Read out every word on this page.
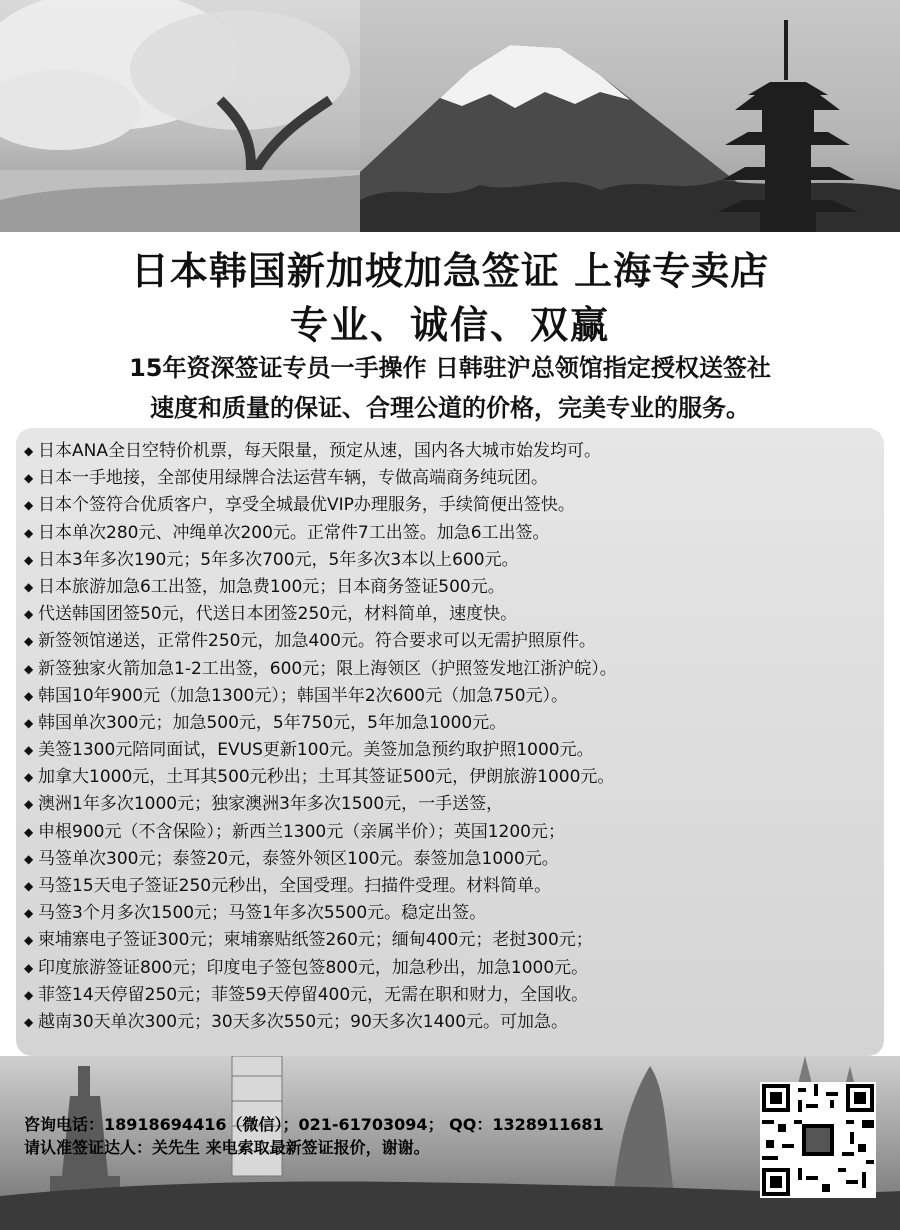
日本韩国新加坡加急签证 上海专卖店
专业、诚信、双赢
15年资深签证专员一手操作 日韩驻沪总领馆指定授权送签社
速度和质量的保证、合理公道的价格，完美专业的服务。
◆ 日本ANA全日空特价机票，每天限量，预定从速，国内各大城市始发均可。
◆ 日本一手地接，全部使用绿牌合法运营车辆，专做高端商务纯玩团。
◆ 日本个签符合优质客户，享受全城最优VIP办理服务，手续简便出签快。
◆ 日本单次280元、冲绳单次200元。正常件7工出签。加急6工出签。
◆ 日本3年多次190元；5年多次700元，5年多次3本以上600元。
◆ 日本旅游加急6工出签，加急费100元；日本商务签证500元。
◆ 代送韩国团签50元，代送日本团签250元，材料简单，速度快。
◆ 新签领馆递送，正常件250元，加急400元。符合要求可以无需护照原件。
◆ 新签独家火箭加急1-2工出签，600元；限上海领区（护照签发地江浙沪皖）。
◆ 韩国10年900元（加急1300元）；韩国半年2次600元（加急750元）。
◆ 韩国单次300元；加急500元，5年750元，5年加急1000元。
◆ 美签1300元陪同面试，EVUS更新100元。美签加急预约取护照1000元。
◆ 加拿大1000元，土耳其500元秒出；土耳其签证500元，伊朗旅游1000元。
◆ 澳洲1年多次1000元；独家澳洲3年多次1500元，一手送签，
◆ 申根900元（不含保险）；新西兰1300元（亲属半价）；英国1200元；
◆ 马签单次300元；泰签20元，泰签外领区100元。泰签加急1000元。
◆ 马签15天电子签证250元秒出，全国受理。扫描件受理。材料简单。
◆ 马签3个月多次1500元；马签1年多次5500元。稳定出签。
◆ 柬埔寨电子签证300元；柬埔寨贴纸签260元；缅甸400元；老挝300元；
◆ 印度旅游签证800元；印度电子签包签800元，加急秒出，加急1000元。
◆ 菲签14天停留250元；菲签59天停留400元，无需在职和财力，全国收。
◆ 越南30天单次300元；30天多次550元；90天多次1400元。可加急。
咨询电话：18918694416（微信）；021-61703094； QQ：1328911681
请认准签证达人：关先生 来电索取最新签证报价，谢谢。
